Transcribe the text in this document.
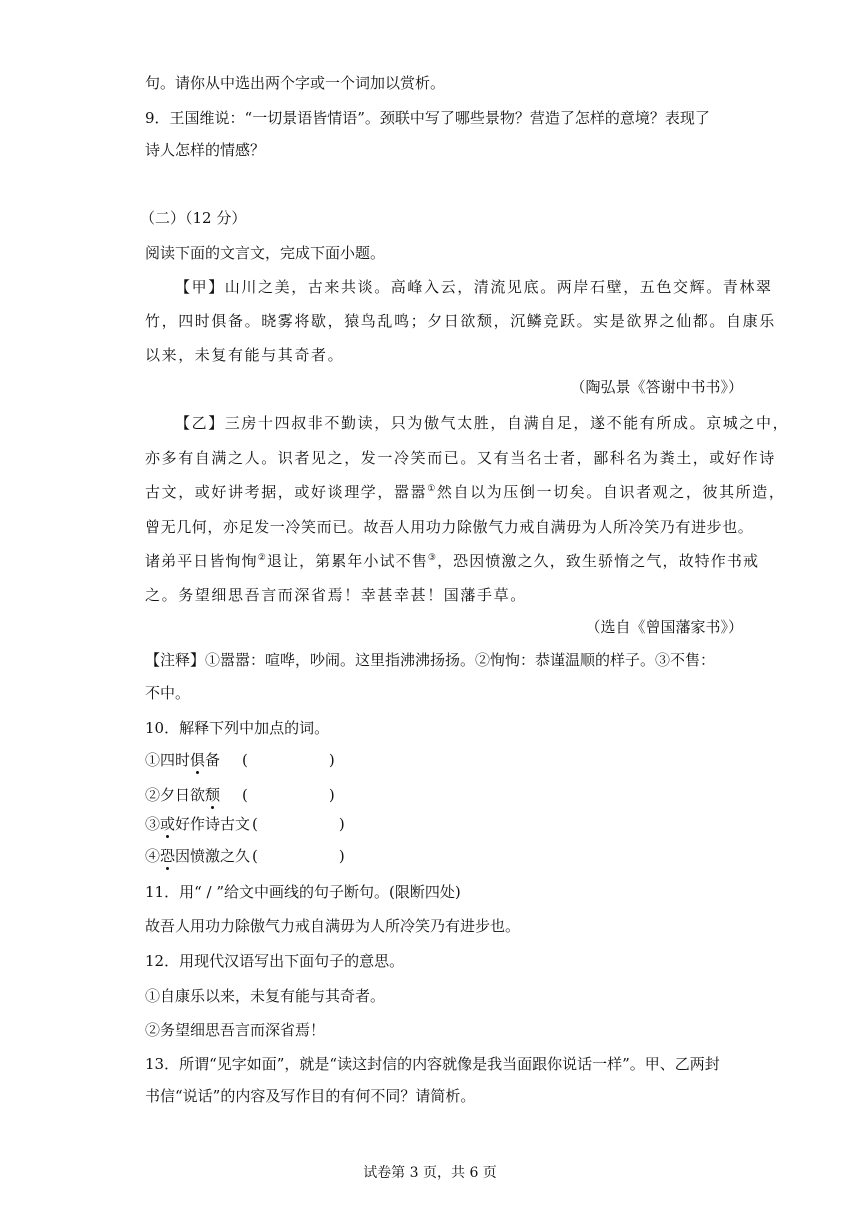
句。请你从中选出两个字或一个词加以赏析。
9．王国维说：“一切景语皆情语”。颈联中写了哪些景物？营造了怎样的意境？表现了
诗人怎样的情感？
（二）（12 分）
阅读下面的文言文，完成下面小题。
【甲】山川之美，古来共谈。高峰入云，清流见底。两岸石壁，五色交辉。青林翠
竹，四时俱备。晓雾将歇，猿鸟乱鸣；夕日欲颓，沉鳞竞跃。实是欲界之仙都。自康乐
以来，未复有能与其奇者。
（陶弘景《答谢中书书》）
【乙】三房十四叔非不勤读，只为傲气太胜，自满自足，遂不能有所成。京城之中，
亦多有自满之人。识者见之，发一冷笑而已。又有当名士者，鄙科名为粪土，或好作诗
古文，或好讲考据，或好谈理学，嚣嚣①然自以为压倒一切矣。自识者观之，彼其所造，
曾无几何，亦足发一冷笑而已。故吾人用功力除傲气力戒自满毋为人所冷笑乃有进步也。
诸弟平日皆恂恂②退让，第累年小试不售③，恐因愤激之久，致生骄惰之气，故特作书戒
之。务望细思吾言而深省焉！幸甚幸甚！国藩手草。
（选自《曾国藩家书》）
【注释】①嚣嚣：喧哗，吵闹。这里指沸沸扬扬。②恂恂：恭谨温顺的样子。③不售：
不中。
10．解释下列中加点的词。
①四时俱备 (                 )
②夕日欲颓 (                 )
③或好作诗古文 (                 )
④恐因愤激之久 (                 )
11．用“ / ”给文中画线的句子断句。(限断四处)
故吾人用功力除傲气力戒自满毋为人所冷笑乃有进步也。
12．用现代汉语写出下面句子的意思。
①自康乐以来，未复有能与其奇者。
②务望细思吾言而深省焉！
13．所谓“见字如面”，就是“读这封信的内容就像是我当面跟你说话一样”。甲、乙两封
书信“说话”的内容及写作目的有何不同？请简析。
试卷第 3 页，共 6 页
